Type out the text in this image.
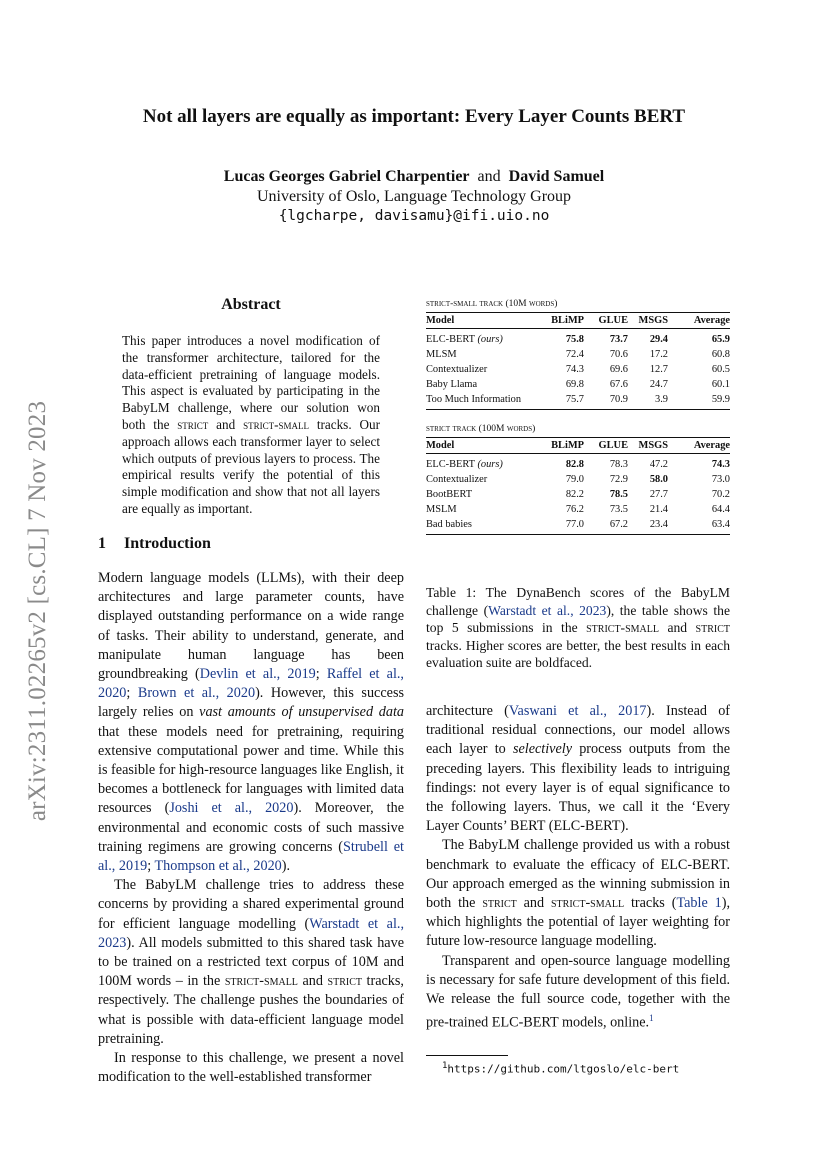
arXiv:2311.02265v2 [cs.CL] 7 Nov 2023
Not all layers are equally as important: Every Layer Counts BERT
Lucas Georges Gabriel Charpentier and David Samuel
University of Oslo, Language Technology Group
{lgcharpe, davisamu}@ifi.uio.no
Abstract
This paper introduces a novel modification of the transformer architecture, tailored for the data-efficient pretraining of language models. This aspect is evaluated by participating in the BabyLM challenge, where our solution won both the strict and strict-small tracks. Our approach allows each transformer layer to select which outputs of previous layers to process. The empirical results verify the potential of this simple modification and show that not all layers are equally as important.
1 Introduction

Modern language models (LLMs), with their deep architectures and large parameter counts, have displayed outstanding performance on a wide range of tasks. Their ability to understand, generate, and manipulate human language has been groundbreaking (Devlin et al., 2019; Raffel et al., 2020; Brown et al., 2020). However, this success largely relies on vast amounts of unsupervised data that these models need for pretraining, requiring extensive computational power and time. While this is feasible for high-resource languages like English, it becomes a bottleneck for languages with limited data resources (Joshi et al., 2020). Moreover, the environmental and economic costs of such massive training regimens are growing concerns (Strubell et al., 2019; Thompson et al., 2020).

The BabyLM challenge tries to address these concerns by providing a shared experimental ground for efficient language modelling (Warstadt et al., 2023). All models submitted to this shared task have to be trained on a restricted text corpus of 10M and 100M words – in the strict-small and strict tracks, respectively. The challenge pushes the boundaries of what is possible with data-efficient language model pretraining.

In response to this challenge, we present a novel modification to the well-established transformer

strict-small track (10M words)
Model	BLiMP	GLUE	MSGS	Average
ELC-BERT (ours)	75.8	73.7	29.4	65.9
MLSM	72.4	70.6	17.2	60.8
Contextualizer	74.3	69.6	12.7	60.5
Baby Llama	69.8	67.6	24.7	60.1
Too Much Information	75.7	70.9	3.9	59.9
strict track (100M words)
Model	BLiMP	GLUE	MSGS	Average
ELC-BERT (ours)	82.8	78.3	47.2	74.3
Contextualizer	79.0	72.9	58.0	73.0
BootBERT	82.2	78.5	27.7	70.2
MSLM	76.2	73.5	21.4	64.4
Bad babies	77.0	67.2	23.4	63.4
Table 1: The DynaBench scores of the BabyLM challenge (Warstadt et al., 2023), the table shows the top 5 submissions in the strict-small and strict tracks. Higher scores are better, the best results in each evaluation suite are boldfaced.

architecture (Vaswani et al., 2017). Instead of traditional residual connections, our model allows each layer to selectively process outputs from the preceding layers. This flexibility leads to intriguing findings: not every layer is of equal significance to the following layers. Thus, we call it the ‘Every Layer Counts’ BERT (ELC-BERT).

The BabyLM challenge provided us with a robust benchmark to evaluate the efficacy of ELC-BERT. Our approach emerged as the winning submission in both the strict and strict-small tracks (Table 1), which highlights the potential of layer weighting for future low-resource language modelling.

Transparent and open-source language modelling is necessary for safe future development of this field. We release the full source code, together with the pre-trained ELC-BERT models, online.$^1$

$^1$https://github.com/ltgoslo/elc-bert
